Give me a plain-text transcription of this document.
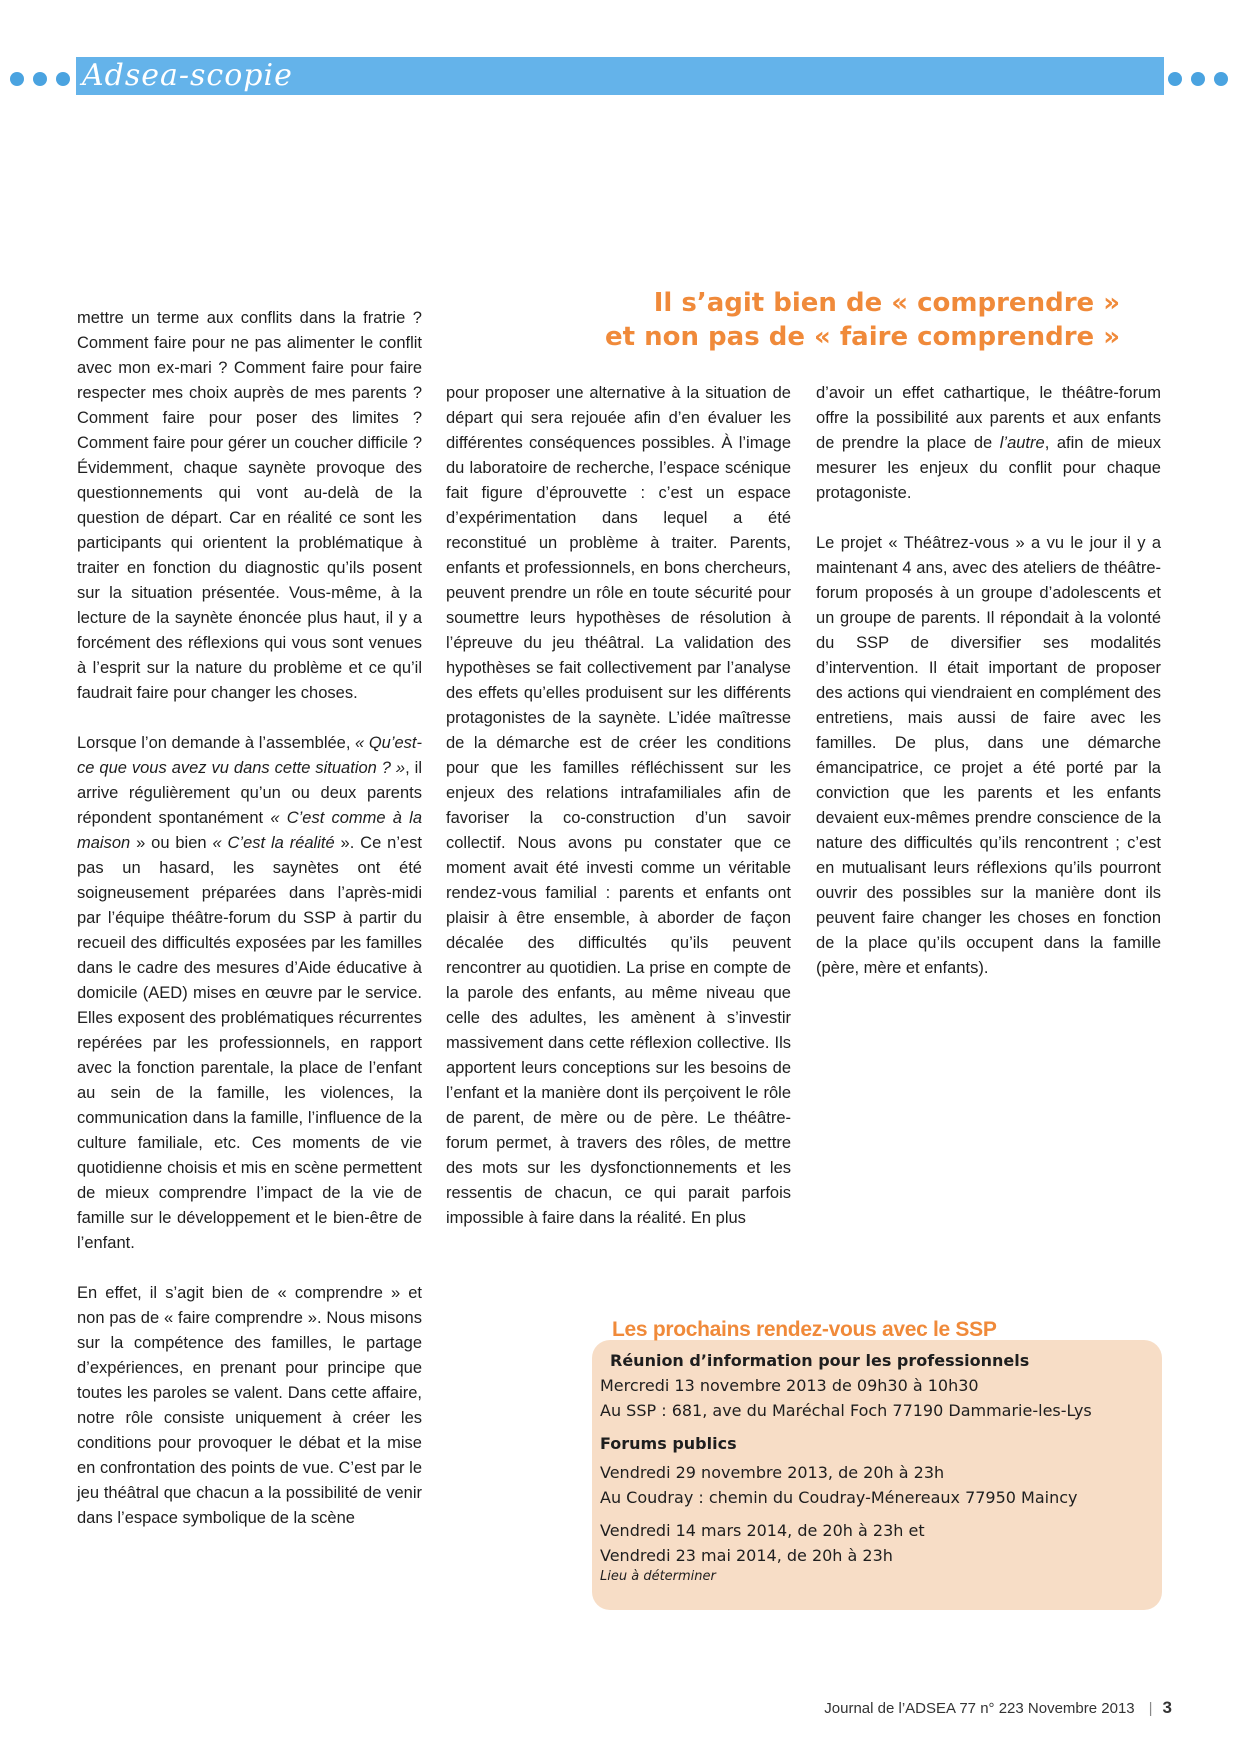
Adsea-scopie
Il s’agit bien de « comprendre »
et non pas de « faire comprendre »

mettre un terme aux conflits dans la fratrie ? Comment faire pour ne pas alimenter le conflit avec mon ex-mari ? Comment faire pour faire respecter mes choix auprès de mes parents ? Comment faire pour poser des limites ? Comment faire pour gérer un coucher difficile ? Évidemment, chaque saynète provoque des questionnements qui vont au-delà de la question de départ. Car en réalité ce sont les participants qui orientent la problématique à traiter en fonction du diagnostic qu’ils posent sur la situation présentée. Vous-même, à la lecture de la saynète énoncée plus haut, il y a forcément des réflexions qui vous sont venues à l’esprit sur la nature du problème et ce qu’il faudrait faire pour changer les choses.

Lorsque l’on demande à l’assemblée, « Qu’est-ce que vous avez vu dans cette situation ? », il arrive régulièrement qu’un ou deux parents répondent spontanément « C’est comme à la maison » ou bien « C’est la réalité ». Ce n’est pas un hasard, les saynètes ont été soigneusement préparées dans l’après-midi par l’équipe théâtre-forum du SSP à partir du recueil des difficultés exposées par les familles dans le cadre des mesures d’Aide éducative à domicile (AED) mises en œuvre par le service. Elles exposent des problématiques récurrentes repérées par les professionnels, en rapport avec la fonction parentale, la place de l’enfant au sein de la famille, les violences, la communication dans la famille, l’influence de la culture familiale, etc. Ces moments de vie quotidienne choisis et mis en scène permettent de mieux comprendre l’impact de la vie de famille sur le développement et le bien-être de l’enfant.

En effet, il s’agit bien de « comprendre » et non pas de « faire comprendre ». Nous misons sur la compétence des familles, le partage d’expériences, en prenant pour principe que toutes les paroles se valent. Dans cette affaire, notre rôle consiste uniquement à créer les conditions pour provoquer le débat et la mise en confrontation des points de vue. C’est par le jeu théâtral que chacun a la possibilité de venir dans l’espace symbolique de la scène

pour proposer une alternative à la situation de départ qui sera rejouée afin d’en évaluer les différentes conséquences possibles. À l’image du laboratoire de recherche, l’espace scénique fait figure d’éprouvette : c’est un espace d’expérimentation dans lequel a été reconstitué un problème à traiter. Parents, enfants et professionnels, en bons chercheurs, peuvent prendre un rôle en toute sécurité pour soumettre leurs hypothèses de résolution à l’épreuve du jeu théâtral. La validation des hypothèses se fait collectivement par l’analyse des effets qu’elles produisent sur les différents protagonistes de la saynète. L’idée maîtresse de la démarche est de créer les conditions pour que les familles réfléchissent sur les enjeux des relations intrafamiliales afin de favoriser la co-construction d’un savoir collectif. Nous avons pu constater que ce moment avait été investi comme un véritable rendez-vous familial : parents et enfants ont plaisir à être ensemble, à aborder de façon décalée des difficultés qu’ils peuvent rencontrer au quotidien. La prise en compte de la parole des enfants, au même niveau que celle des adultes, les amènent à s’investir massivement dans cette réflexion collective. Ils apportent leurs conceptions sur les besoins de l’enfant et la manière dont ils perçoivent le rôle de parent, de mère ou de père. Le théâtre-forum permet, à travers des rôles, de mettre des mots sur les dysfonctionnements et les ressentis de chacun, ce qui parait parfois impossible à faire dans la réalité. En plus

d’avoir un effet cathartique, le théâtre-forum offre la possibilité aux parents et aux enfants de prendre la place de l’autre, afin de mieux mesurer les enjeux du conflit pour chaque protagoniste.

Le projet « Théâtrez-vous » a vu le jour il y a maintenant 4 ans, avec des ateliers de théâtre-forum proposés à un groupe d’adolescents et un groupe de parents. Il répondait à la volonté du SSP de diversifier ses modalités d’intervention. Il était important de proposer des actions qui viendraient en complément des entretiens, mais aussi de faire avec les familles. De plus, dans une démarche émancipatrice, ce projet a été porté par la conviction que les parents et les enfants devaient eux-mêmes prendre conscience de la nature des difficultés qu’ils rencontrent ; c’est en mutualisant leurs réflexions qu’ils pourront ouvrir des possibles sur la manière dont ils peuvent faire changer les choses en fonction de la place qu’ils occupent dans la famille (père, mère et enfants).

Les prochains rendez-vous avec le SSP
Réunion d’information pour les professionnels
Mercredi 13 novembre 2013 de 09h30 à 10h30
Au SSP : 681, ave du Maréchal Foch 77190 Dammarie-les-Lys
Forums publics
Vendredi 29 novembre 2013, de 20h à 23h
Au Coudray : chemin du Coudray-Ménereaux 77950 Maincy
Vendredi 14 mars 2014, de 20h à 23h et
Vendredi 23 mai 2014, de 20h à 23h
Lieu à déterminer
Journal de l’ADSEA 77 n° 223 Novembre 2013 | 3
